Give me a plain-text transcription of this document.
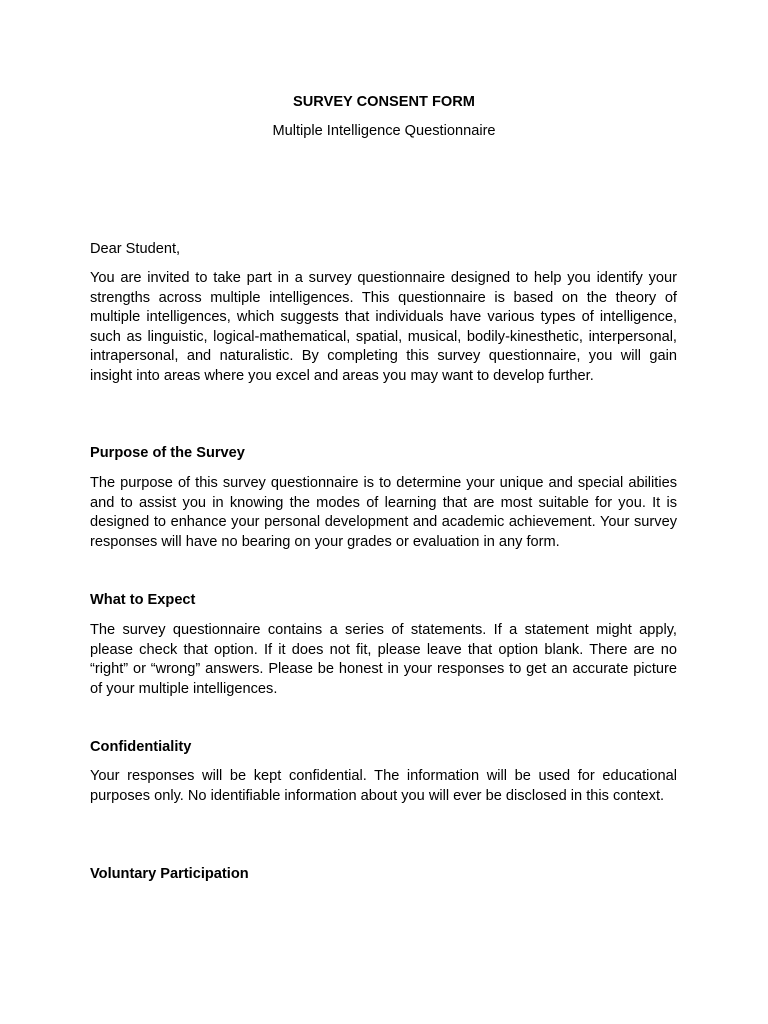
SURVEY CONSENT FORM
Multiple Intelligence Questionnaire
Dear Student,

You are invited to take part in a survey questionnaire designed to help you identify your strengths across multiple intelligences. This questionnaire is based on the theory of multiple intelligences, which suggests that individuals have various types of intelligence, such as linguistic, logical-mathematical, spatial, musical, bodily-kinesthetic, interpersonal, intrapersonal, and naturalistic. By completing this survey questionnaire, you will gain insight into areas where you excel and areas you may want to develop further.

Purpose of the Survey

The purpose of this survey questionnaire is to determine your unique and special abilities and to assist you in knowing the modes of learning that are most suitable for you. It is designed to enhance your personal development and academic achievement. Your survey responses will have no bearing on your grades or evaluation in any form.

What to Expect

The survey questionnaire contains a series of statements. If a statement might apply, please check that option. If it does not fit, please leave that option blank. There are no “right” or “wrong” answers. Please be honest in your responses to get an accurate picture of your multiple intelligences.

Confidentiality

Your responses will be kept confidential. The information will be used for educational purposes only. No identifiable information about you will ever be disclosed in this context.

Voluntary Participation
